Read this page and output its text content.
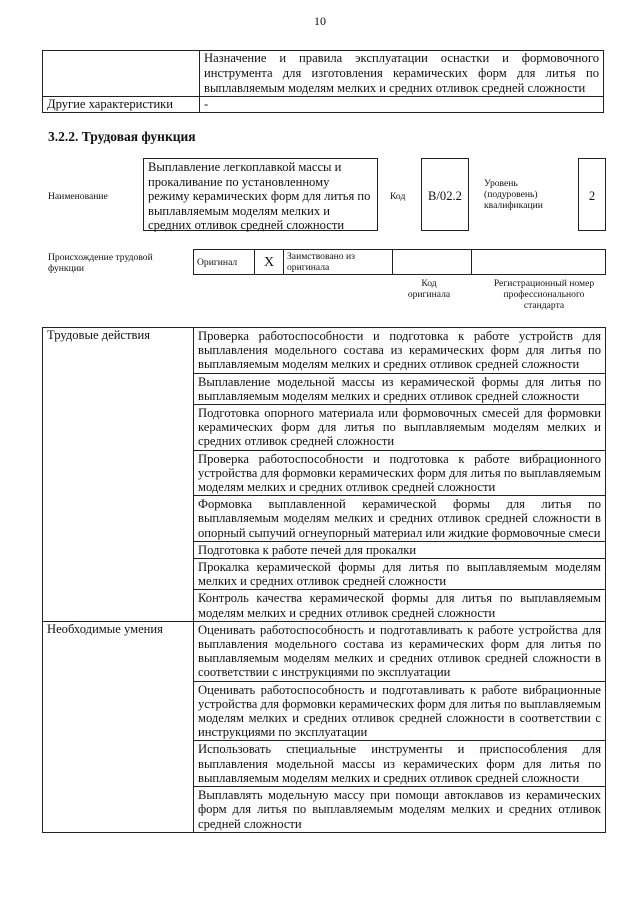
10
	Назначение и правила эксплуатации оснастки и формовочного инструмента для изготовления керамических форм для литья по выплавляемым моделям мелких и средних отливок средней сложности
Другие характеристики	-
3.2.2. Трудовая функция
Наименование
Выплавление легкоплавкой массы и прокаливание по установленному режиму керамических форм для литья по выплавляемым моделям мелких и средних отливок средней сложности
Код	B/02.2
Уровень (подуровень) квалификации
2
Происхождение трудовой функции
Оригинал	X	Заимствовано из оригинала		
Код оригинала
Регистрационный номер профессионального стандарта
Трудовые действия	Проверка работоспособности и подготовка к работе устройств для выплавления модельного состава из керамических форм для литья по выплавляемым моделям мелких и средних отливок средней сложности
	Выплавление модельной массы из керамической формы для литья по выплавляемым моделям мелких и средних отливок средней сложности
	Подготовка опорного материала или формовочных смесей для формовки керамических форм для литья по выплавляемым моделям мелких и средних отливок средней сложности
	Проверка работоспособности и подготовка к работе вибрационного устройства для формовки керамических форм для литья по выплавляемым моделям мелких и средних отливок средней сложности
	Формовка выплавленной керамической формы для литья по выплавляемым моделям мелких и средних отливок средней сложности в опорный сыпучий огнеупорный материал или жидкие формовочные смеси
	Подготовка к работе печей для прокалки
	Прокалка керамической формы для литья по выплавляемым моделям мелких и средних отливок средней сложности
	Контроль качества керамической формы для литья по выплавляемым моделям мелких и средних отливок средней сложности
Необходимые умения	Оценивать работоспособность и подготавливать к работе устройства для выплавления модельного состава из керамических форм для литья по выплавляемым моделям мелких и средних отливок средней сложности в соответствии с инструкциями по эксплуатации
	Оценивать работоспособность и подготавливать к работе вибрационные устройства для формовки керамических форм для литья по выплавляемым моделям мелких и средних отливок средней сложности в соответствии с инструкциями по эксплуатации
	Использовать специальные инструменты и приспособления для выплавления модельной массы из керамических форм для литья по выплавляемым моделям мелких и средних отливок средней сложности
	Выплавлять модельную массу при помощи автоклавов из керамических форм для литья по выплавляемым моделям мелких и средних отливок средней сложности
